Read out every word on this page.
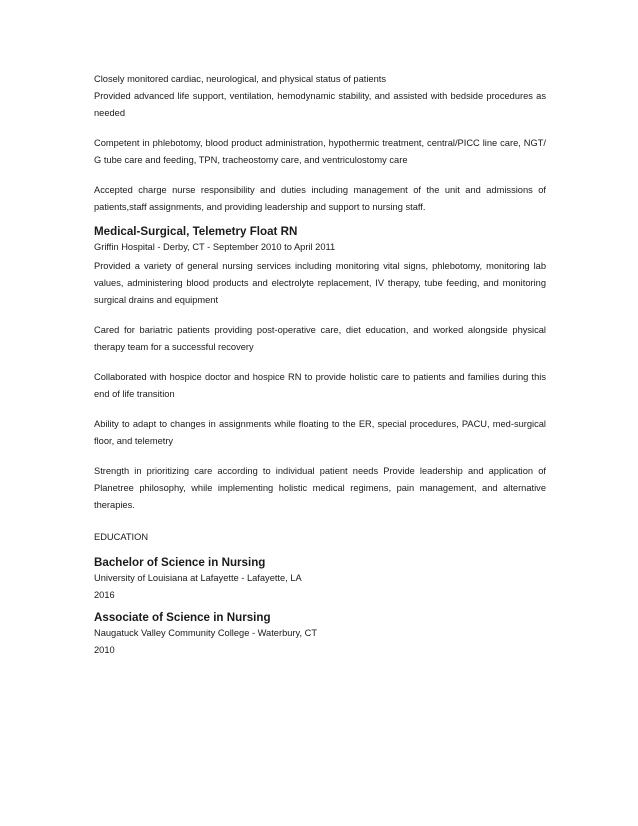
Closely monitored cardiac, neurological, and physical status of patients

Provided advanced life support, ventilation, hemodynamic stability, and assisted with bedside procedures as needed

Competent in phlebotomy, blood product administration, hypothermic treatment, central/PICC line care, NGT/ G tube care and feeding, TPN, tracheostomy care, and ventriculostomy care

Accepted charge nurse responsibility and duties including management of the unit and admissions of patients,staff assignments, and providing leadership and support to nursing staff.

Medical-Surgical, Telemetry Float RN

Griffin Hospital - Derby, CT - September 2010 to April 2011

Provided a variety of general nursing services including monitoring vital signs, phlebotomy, monitoring lab values, administering blood products and electrolyte replacement, IV therapy, tube feeding, and monitoring surgical drains and equipment

Cared for bariatric patients providing post-operative care, diet education, and worked alongside physical therapy team for a successful recovery

Collaborated with hospice doctor and hospice RN to provide holistic care to patients and families during this end of life transition

Ability to adapt to changes in assignments while floating to the ER, special procedures, PACU, med-surgical floor, and telemetry

Strength in prioritizing care according to individual patient needs Provide leadership and application of Planetree philosophy, while implementing holistic medical regimens, pain management, and alternative therapies.

EDUCATION

Bachelor of Science in Nursing

University of Louisiana at Lafayette - Lafayette, LA

2016

Associate of Science in Nursing

Naugatuck Valley Community College - Waterbury, CT

2010
